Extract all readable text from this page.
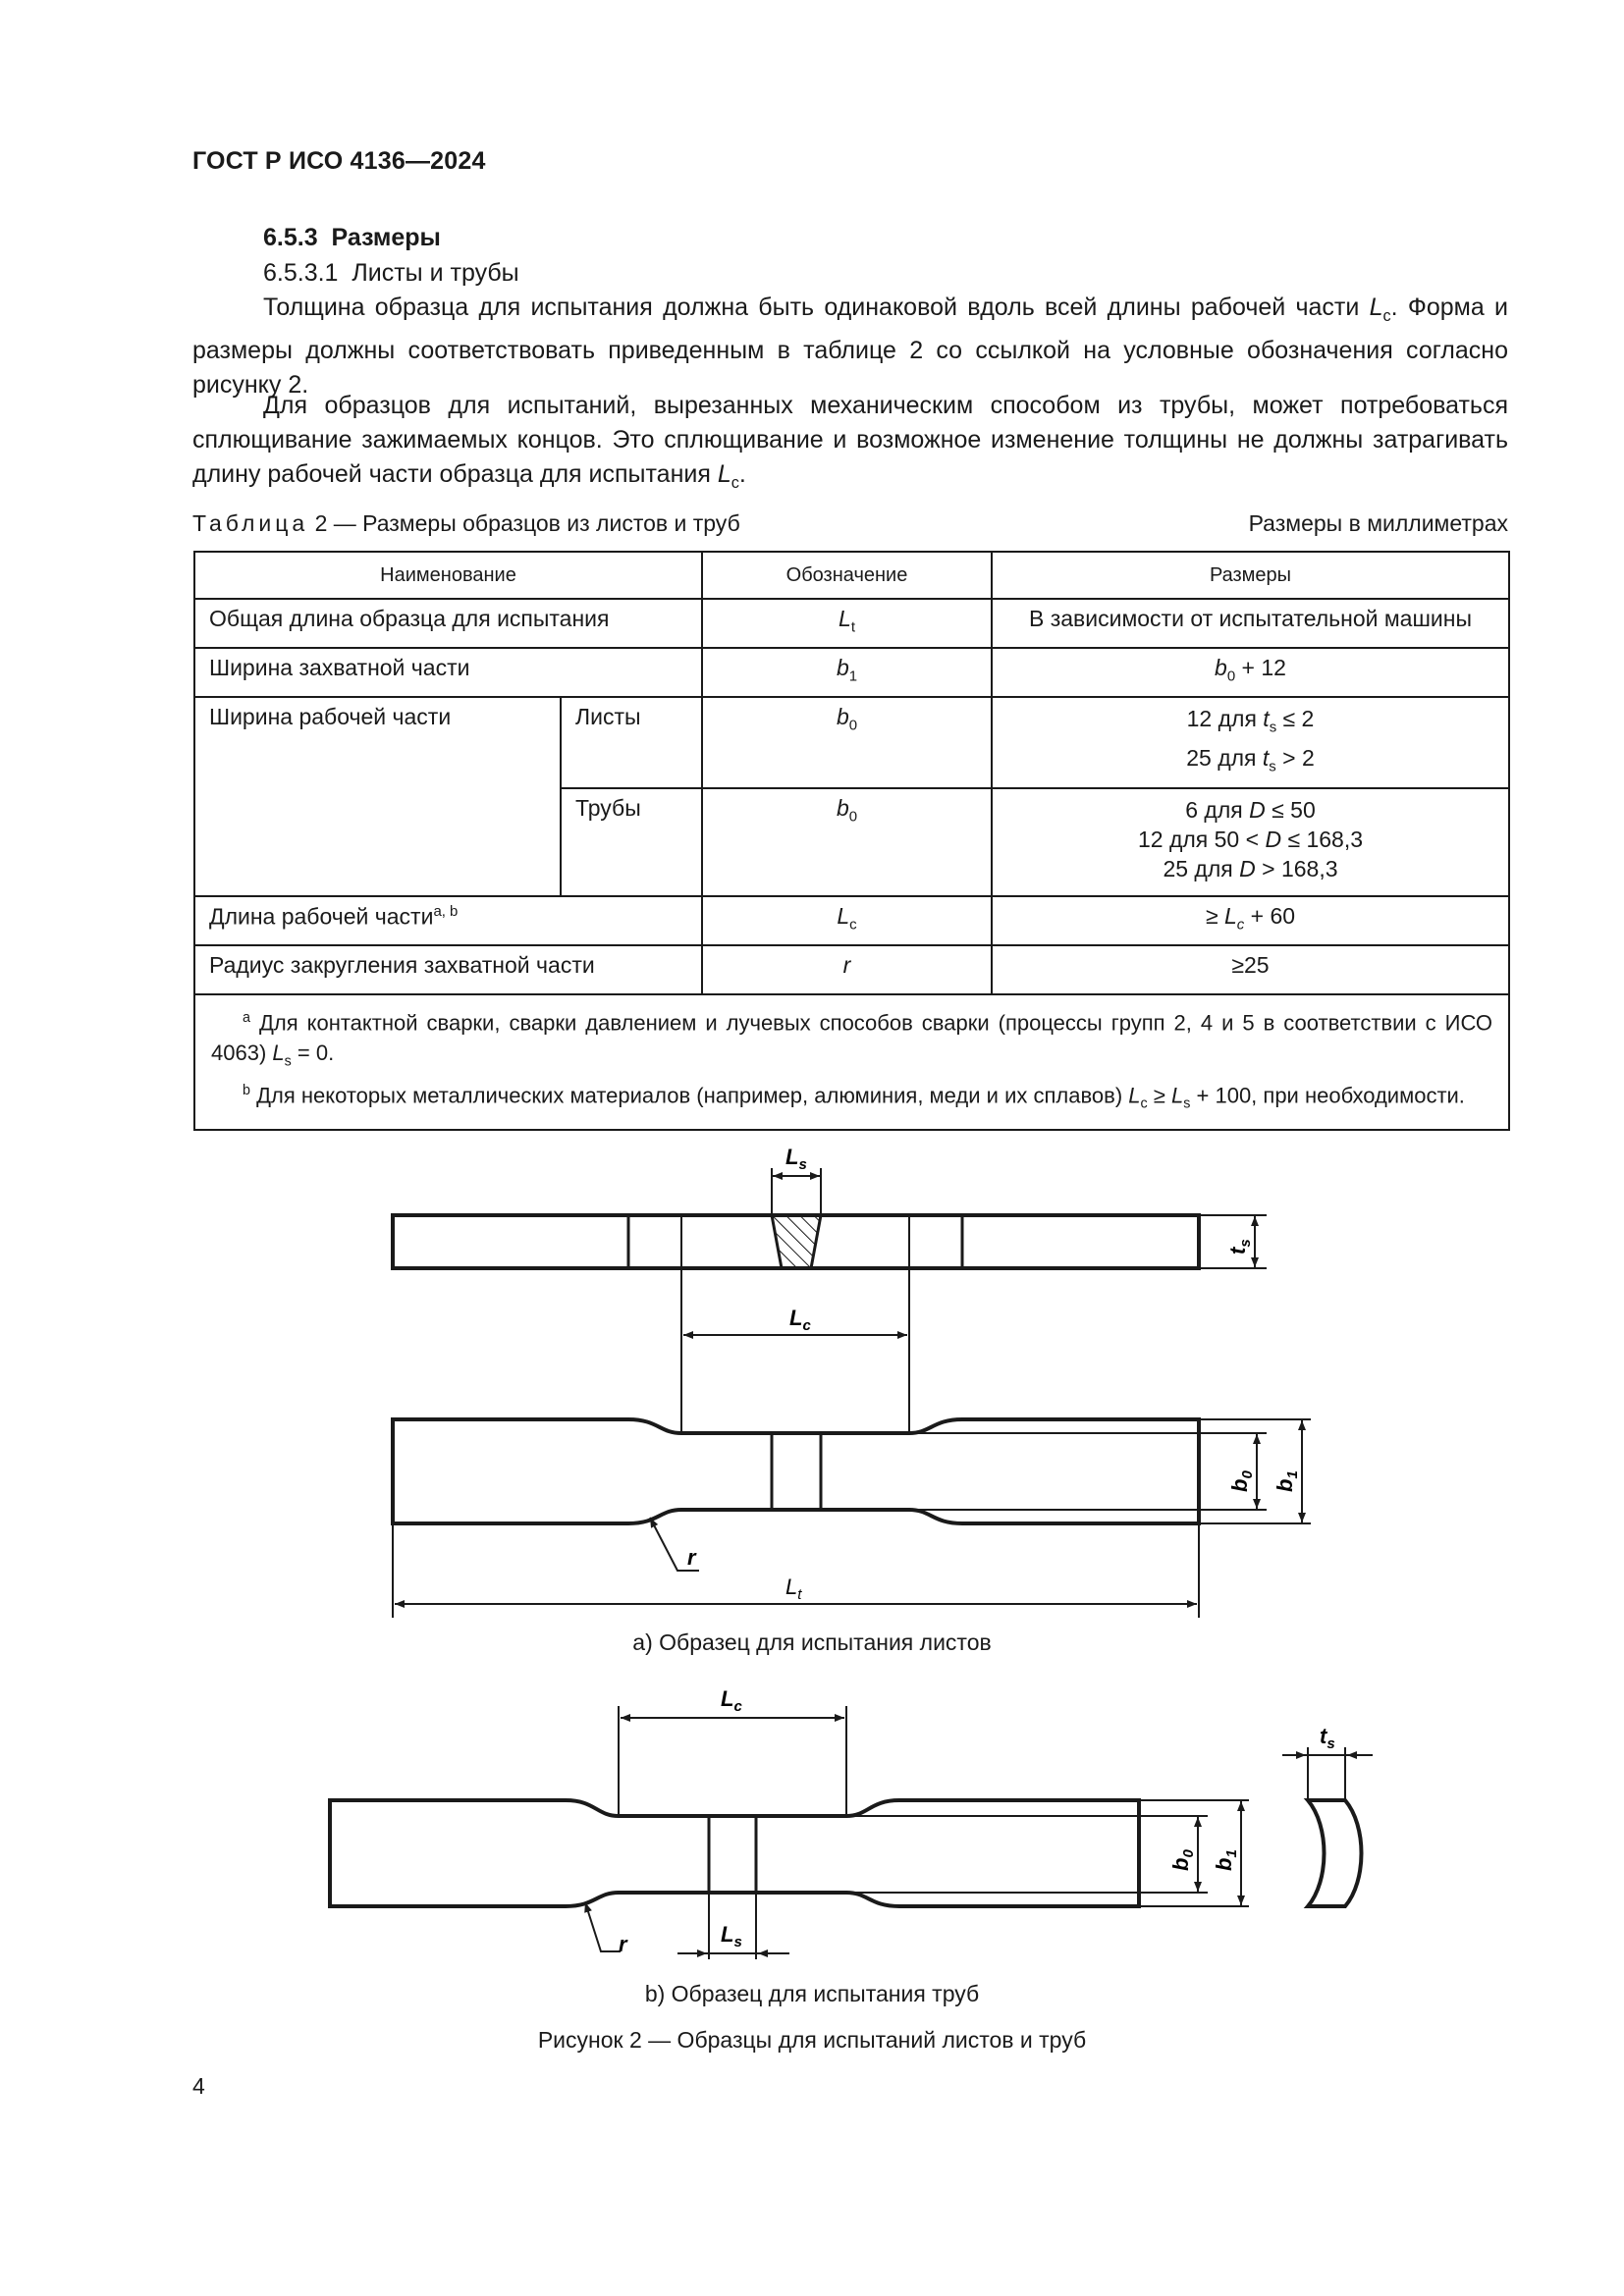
ГОСТ Р ИСО 4136—2024
6.5.3 Размеры
6.5.3.1 Листы и трубы
Толщина образца для испытания должна быть одинаковой вдоль всей длины рабочей части $L_c$. Форма и размеры должны соответствовать приведенным в таблице 2 со ссылкой на условные обозначения согласно рисунку 2.
Для образцов для испытаний, вырезанных механическим способом из трубы, может потребоваться сплющивание зажимаемых концов. Это сплющивание и возможное изменение толщины не должны затрагивать длину рабочей части образца для испытания $L_c$.
Таблица 2 — Размеры образцов из листов и труб	Размеры в миллиметрах
Наименование		Обозначение	Размеры
Общая длина образца для испытания		$L_t$	В зависимости от испытательной машины
Ширина захватной части		$b_1$	$b_0 + 12$
Ширина рабочей части	Листы	$b_0$	12 для $t_s \le 2$
25 для $t_s > 2$
	Трубы	$b_0$	6 для D ≤ 50
12 для 50 < D ≤ 168,3
25 для D > 168,3
Длина рабочей части$^{a, b}$		$L_c$	≥ $L_c + 60$
Радиус закругления захватной части		r	≥25

$^a$ Для контактной сварки, сварки давлением и лучевых способов сварки (процессы групп 2, 4 и 5 в соответствии с ИСО 4063) $L_s = 0$.
$^b$ Для некоторых металлических материалов (например, алюминия, меди и их сплавов) $L_c \ge L_s + 100$, при необходимости.			
$L_s$
$L_c$
$t_s$
$b_0$
$b_1$
r
$L_t$
$L_c$
$L_s$
$b_0$
$b_1$
r
$t_s$
a) Образец для испытания листов
b) Образец для испытания труб
Рисунок 2 — Образцы для испытаний листов и труб
4
